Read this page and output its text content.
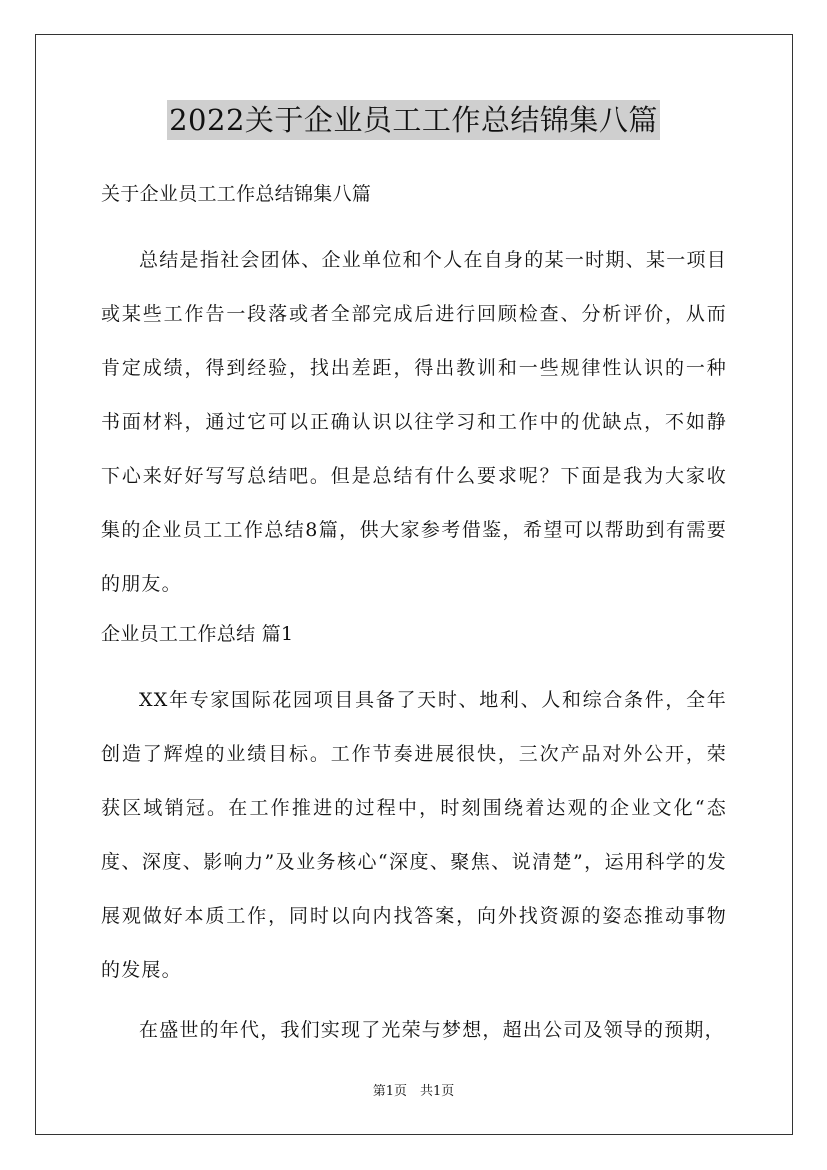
2022关于企业员工工作总结锦集八篇
关于企业员工工作总结锦集八篇

总结是指社会团体、企业单位和个人在自身的某一时期、某一项目或某些工作告一段落或者全部完成后进行回顾检查、分析评价，从而肯定成绩，得到经验，找出差距，得出教训和一些规律性认识的一种书面材料，通过它可以正确认识以往学习和工作中的优缺点，不如静下心来好好写写总结吧。但是总结有什么要求呢？下面是我为大家收集的企业员工工作总结8篇，供大家参考借鉴，希望可以帮助到有需要的朋友。

企业员工工作总结 篇1

XX年专家国际花园项目具备了天时、地利、人和综合条件，全年创造了辉煌的业绩目标。工作节奏进展很快，三次产品对外公开，荣获区域销冠。在工作推进的过程中，时刻围绕着达观的企业文化“态度、深度、影响力”及业务核心“深度、聚焦、说清楚”，运用科学的发展观做好本质工作，同时以向内找答案，向外找资源的姿态推动事物的发展。

在盛世的年代，我们实现了光荣与梦想，超出公司及领导的预期，

第1页　共1页
